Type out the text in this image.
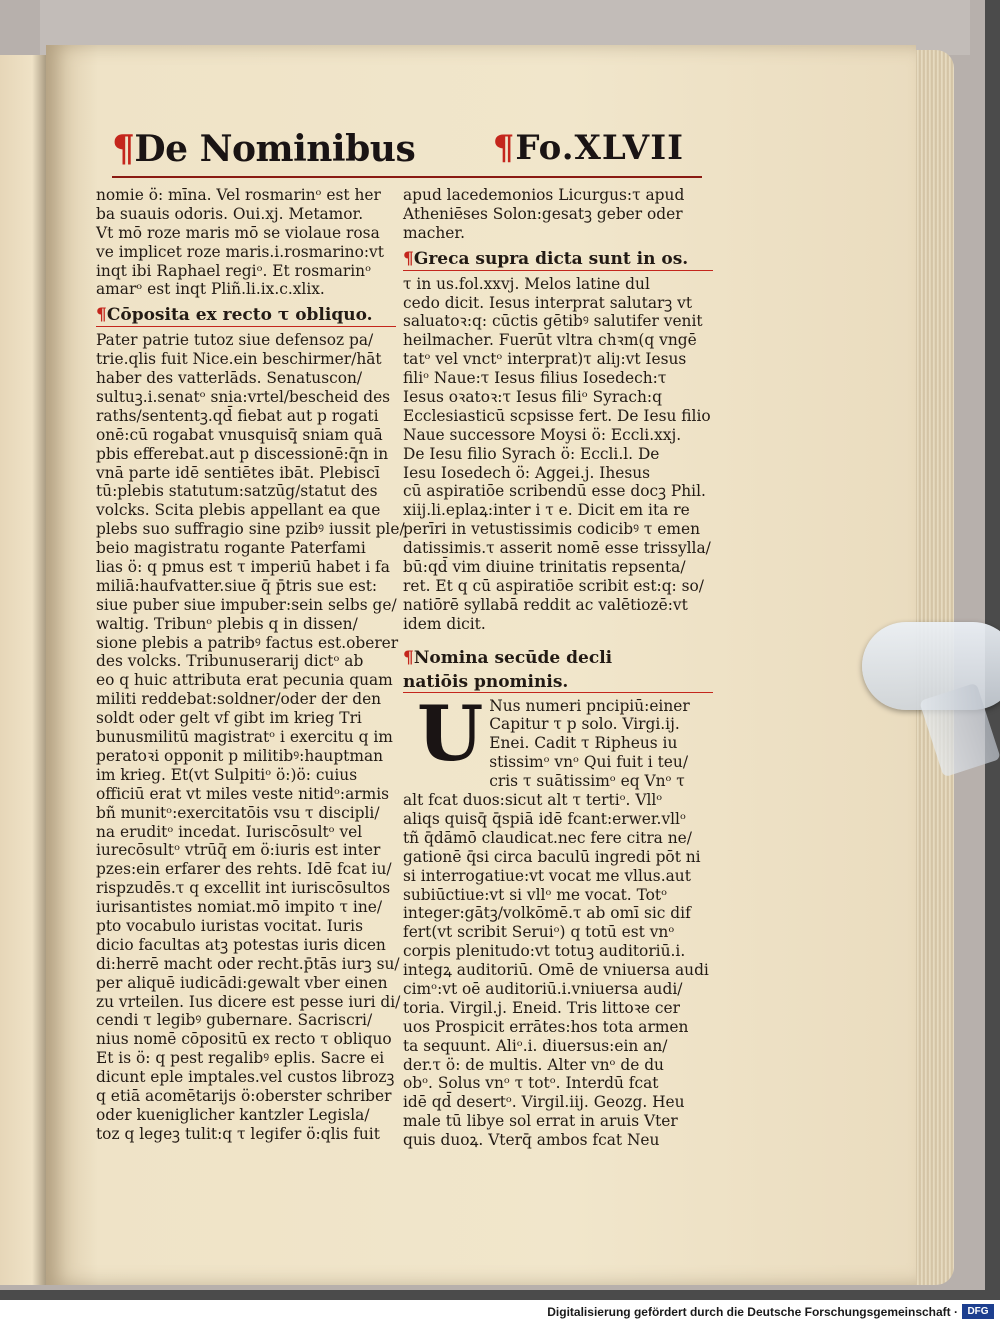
¶De Nominibus ¶Fo.XLVII
nomie ö: mīna. Vel rosmarinᵒ est her
ba suauis odoris. Oui.xj. Metamor.
Vt mō roze maris mō se violaue rosa
ve implicet roze maris.i.rosmarino:vt
inqt ibi Raphael regiᵒ. Et rosmarinᵒ
amarᵒ est inqt Pliñ.li.ix.c.xlix.
¶Cōposita ex recto τ obliquo.
Pater patrie tutoz siue defensoz pa/
trie.qlis fuit Nice.ein beschirmer/hāt
haber des vatterlāds. Senatuscon/
sultuꝫ.i.senatᵒ snia:vrtel/bescheid des
raths/sententꝫ.qd̄ fiebat aut p rogati
onē:cū rogabat vnusquisq̄ sniam quā
pbis efferebat.aut p discessionē:q̄n in
vnā parte idē sentiētes ibāt. Plebiscī
tū:plebis statutum:satzūg/statut des
volcks. Scita plebis appellant ea que
plebs suo suffragio sine pzibꝰ iussit ple/
beio magistratu rogante Paterfami
lias ö: q pmus est τ imperiū habet i fa
miliā:haufvatter.siue q̄ p̄tris sue est:
siue puber siue impuber:sein selbs ge/
waltig. Tribunᵒ plebis q in dissen/
sione plebis a patribꝰ factus est.oberer
des volcks. Tribunuserarij dictᵒ ab
eo q huic attributa erat pecunia quam
militi reddebat:soldner/oder der den
soldt oder gelt vf gibt im krieg Tri
bunusmilitū magistratᵒ i exercitu q im
peratoꝛi opponit p militibꝰ:hauptman
im krieg. Et(vt Sulpitiᵒ ö:)ö: cuius
officiū erat vt miles veste nitidᵒ:armis
bñ munitᵒ:exercitatōis vsu τ discipli/
na eruditᵒ incedat. Iuriscōsultᵒ vel
iurecōsultᵒ vtrūq̄ em ö:iuris est inter
pzes:ein erfarer des rehts. Idē fcat iu/
rispzudēs.τ q excellit int iuriscōsultos
iurisantistes nomiat.mō impito τ ine/
pto vocabulo iuristas vocitat. Iuris
dicio facultas atꝫ potestas iuris dicen
di:herrē macht oder recht.p̄tās iurꝫ su/
per aliquē iudicādi:gewalt vber einen
zu vrteilen. Ius dicere est pesse iuri di/
cendi τ legibꝰ gubernare. Sacriscri/
nius nomē cōpositū ex recto τ obliquo
Et is ö: q pest regalibꝰ eplis. Sacre ei
dicunt eple imptales.vel custos librozꝫ
q etiā acomētarijs ö:oberster schriber
oder kueniglicher kantzler Legisla/
toz q legeꝫ tulit:q τ legifer ö:qlis fuit
apud lacedemonios Licurgus:τ apud
Atheniēses Solon:gesatꝫ geber oder
macher.
¶Greca supra dicta sunt in os.
τ in us.fol.xxvj. Melos latine dul
cedo dicit. Iesus interprat salutarꝫ vt
saluatoꝛ:q: cūctis gētibꝰ salutifer venit
heilmacher. Fuerūt vltra chꝛm(q vngē
tatᵒ vel vnctᵒ interprat)τ aliȷ:vt Iesus
filiᵒ Naue:τ Iesus filius Iosedech:τ
Iesus oꝛatoꝛ:τ Iesus filiᵒ Syrach:q
Ecclesiasticū scpsisse fert. De Iesu filio
Naue successore Moysi ö: Eccli.xxj.
De Iesu filio Syrach ö: Eccli.l. De
Iesu Iosedech ö: Aggei.j. Ihesus
cū aspiratiōe scribendū esse docꝫ Phil.
xiij.li.eplaꝝ:inter i τ e. Dicit em ita re
perīri in vetustissimis codicibꝰ τ emen
datissimis.τ asserit nomē esse trissylla/
bū:qd̄ vim diuine trinitatis repsenta/
ret. Et q cū aspiratiōe scribit est:q: so/
natiōrē syllabā reddit ac valētiozē:vt
idem dicit.
¶Nomina secūde decli
natiōis pnominis.
U Nus numeri pncipiū:einer
Capitur τ p solo. Virgi.ij.
Enei. Cadit τ Ripheus iu
stissimᵒ vnᵒ Qui fuit i teu/
cris τ suātissimᵒ eq Vnᵒ τ
alt fcat duos:sicut alt τ tertiᵒ. Vllᵒ
aliqs quisq̄ q̄spiā idē fcant:erwer.vllᵒ
tñ q̄dāmō claudicat.nec fere citra ne/
gationē q̄si circa baculū ingredi pōt ni
si interrogatiue:vt vocat me vllus.aut
subiūctiue:vt si vllᵒ me vocat. Totᵒ
integer:gātꝫ/volkōmē.τ ab omī sic dif
fert(vt scribit Seruiᵒ) q totū est vnᵒ
corpis plenitudo:vt totuꝫ auditoriū.i.
integꝝ auditoriū. Omē de vniuersa audi
cimᵒ:vt oē auditoriū.i.vniuersa audi/
toria. Virgil.j. Eneid. Tris littoꝛe cer
uos Prospicit errātes:hos tota armen
ta sequunt. Aliᵒ.i. diuersus:ein an/
der.τ ö: de multis. Alter vnᵒ de du
obᵒ. Solus vnᵒ τ totᵒ. Interdū fcat
idē qd̄ desertᵒ. Virgil.iij. Geozg. Heu
male tū libye sol errat in aruis Vter
quis duoꝝ. Vterq̄ ambos fcat Neu
Digitalisierung gefördert durch die Deutsche Forschungsgemeinschaft · DFG
